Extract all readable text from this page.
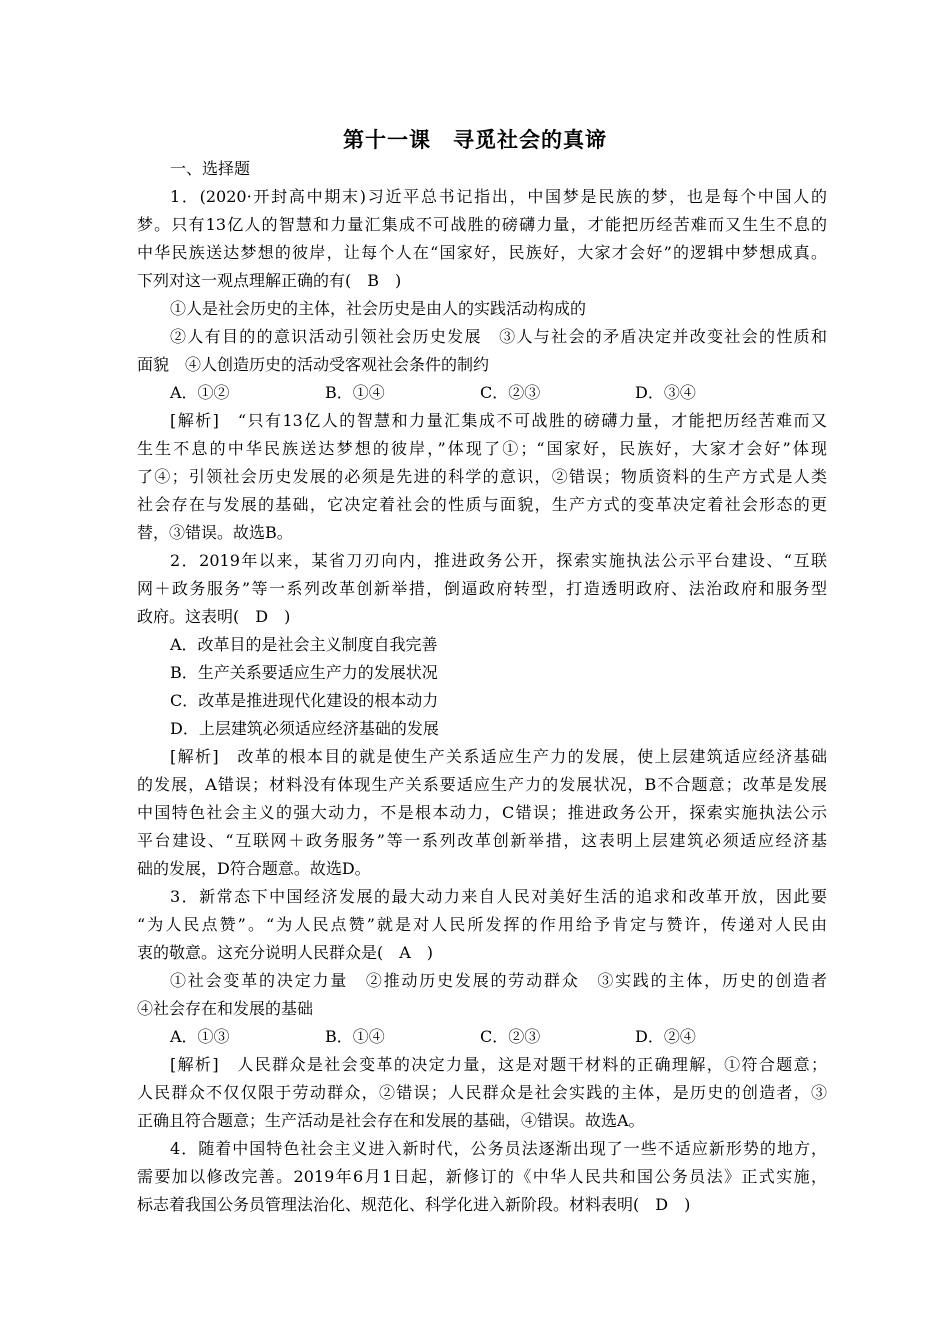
第十一课　寻觅社会的真谛
一、选择题
1．(2020·开封高中期末)习近平总书记指出，中国梦是民族的梦，也是每个中国人的
梦。只有13亿人的智慧和力量汇集成不可战胜的磅礴力量，才能把历经苦难而又生生不息的
中华民族送达梦想的彼岸，让每个人在“国家好，民族好，大家才会好”的逻辑中梦想成真。
下列对这一观点理解正确的有(　B　)
①人是社会历史的主体，社会历史是由人的实践活动构成的
②人有目的的意识活动引领社会历史发展　③人与社会的矛盾决定并改变社会的性质和
面貌　④人创造历史的活动受客观社会条件的制约
A．①②	B．①④	C．②③	D．③④
[解析]　“只有13亿人的智慧和力量汇集成不可战胜的磅礴力量，才能把历经苦难而又
生生不息的中华民族送达梦想的彼岸，”体现了①；“国家好，民族好，大家才会好”体现
了④；引领社会历史发展的必须是先进的科学的意识，②错误；物质资料的生产方式是人类
社会存在与发展的基础，它决定着社会的性质与面貌，生产方式的变革决定着社会形态的更
替，③错误。故选B。
2．2019年以来，某省刀刃向内，推进政务公开，探索实施执法公示平台建设、“互联
网＋政务服务”等一系列改革创新举措，倒逼政府转型，打造透明政府、法治政府和服务型
政府。这表明(　D　)
A．改革目的是社会主义制度自我完善
B．生产关系要适应生产力的发展状况
C．改革是推进现代化建设的根本动力
D．上层建筑必须适应经济基础的发展
[解析]　改革的根本目的就是使生产关系适应生产力的发展，使上层建筑适应经济基础
的发展，A错误；材料没有体现生产关系要适应生产力的发展状况，B不合题意；改革是发展
中国特色社会主义的强大动力，不是根本动力，C错误；推进政务公开，探索实施执法公示
平台建设、“互联网＋政务服务”等一系列改革创新举措，这表明上层建筑必须适应经济基
础的发展，D符合题意。故选D。
3．新常态下中国经济发展的最大动力来自人民对美好生活的追求和改革开放，因此要
“为人民点赞”。“为人民点赞”就是对人民所发挥的作用给予肯定与赞许，传递对人民由
衷的敬意。这充分说明人民群众是(　A　)
①社会变革的决定力量　②推动历史发展的劳动群众　③实践的主体，历史的创造者
④社会存在和发展的基础
A．①③	B．①④	C．②③	D．②④
[解析]　人民群众是社会变革的决定力量，这是对题干材料的正确理解，①符合题意；
人民群众不仅仅限于劳动群众，②错误；人民群众是社会实践的主体，是历史的创造者，③
正确且符合题意；生产活动是社会存在和发展的基础，④错误。故选A。
4．随着中国特色社会主义进入新时代，公务员法逐渐出现了一些不适应新形势的地方，
需要加以修改完善。2019年6月1日起，新修订的《中华人民共和国公务员法》正式实施，
标志着我国公务员管理法治化、规范化、科学化进入新阶段。材料表明(　D　)
